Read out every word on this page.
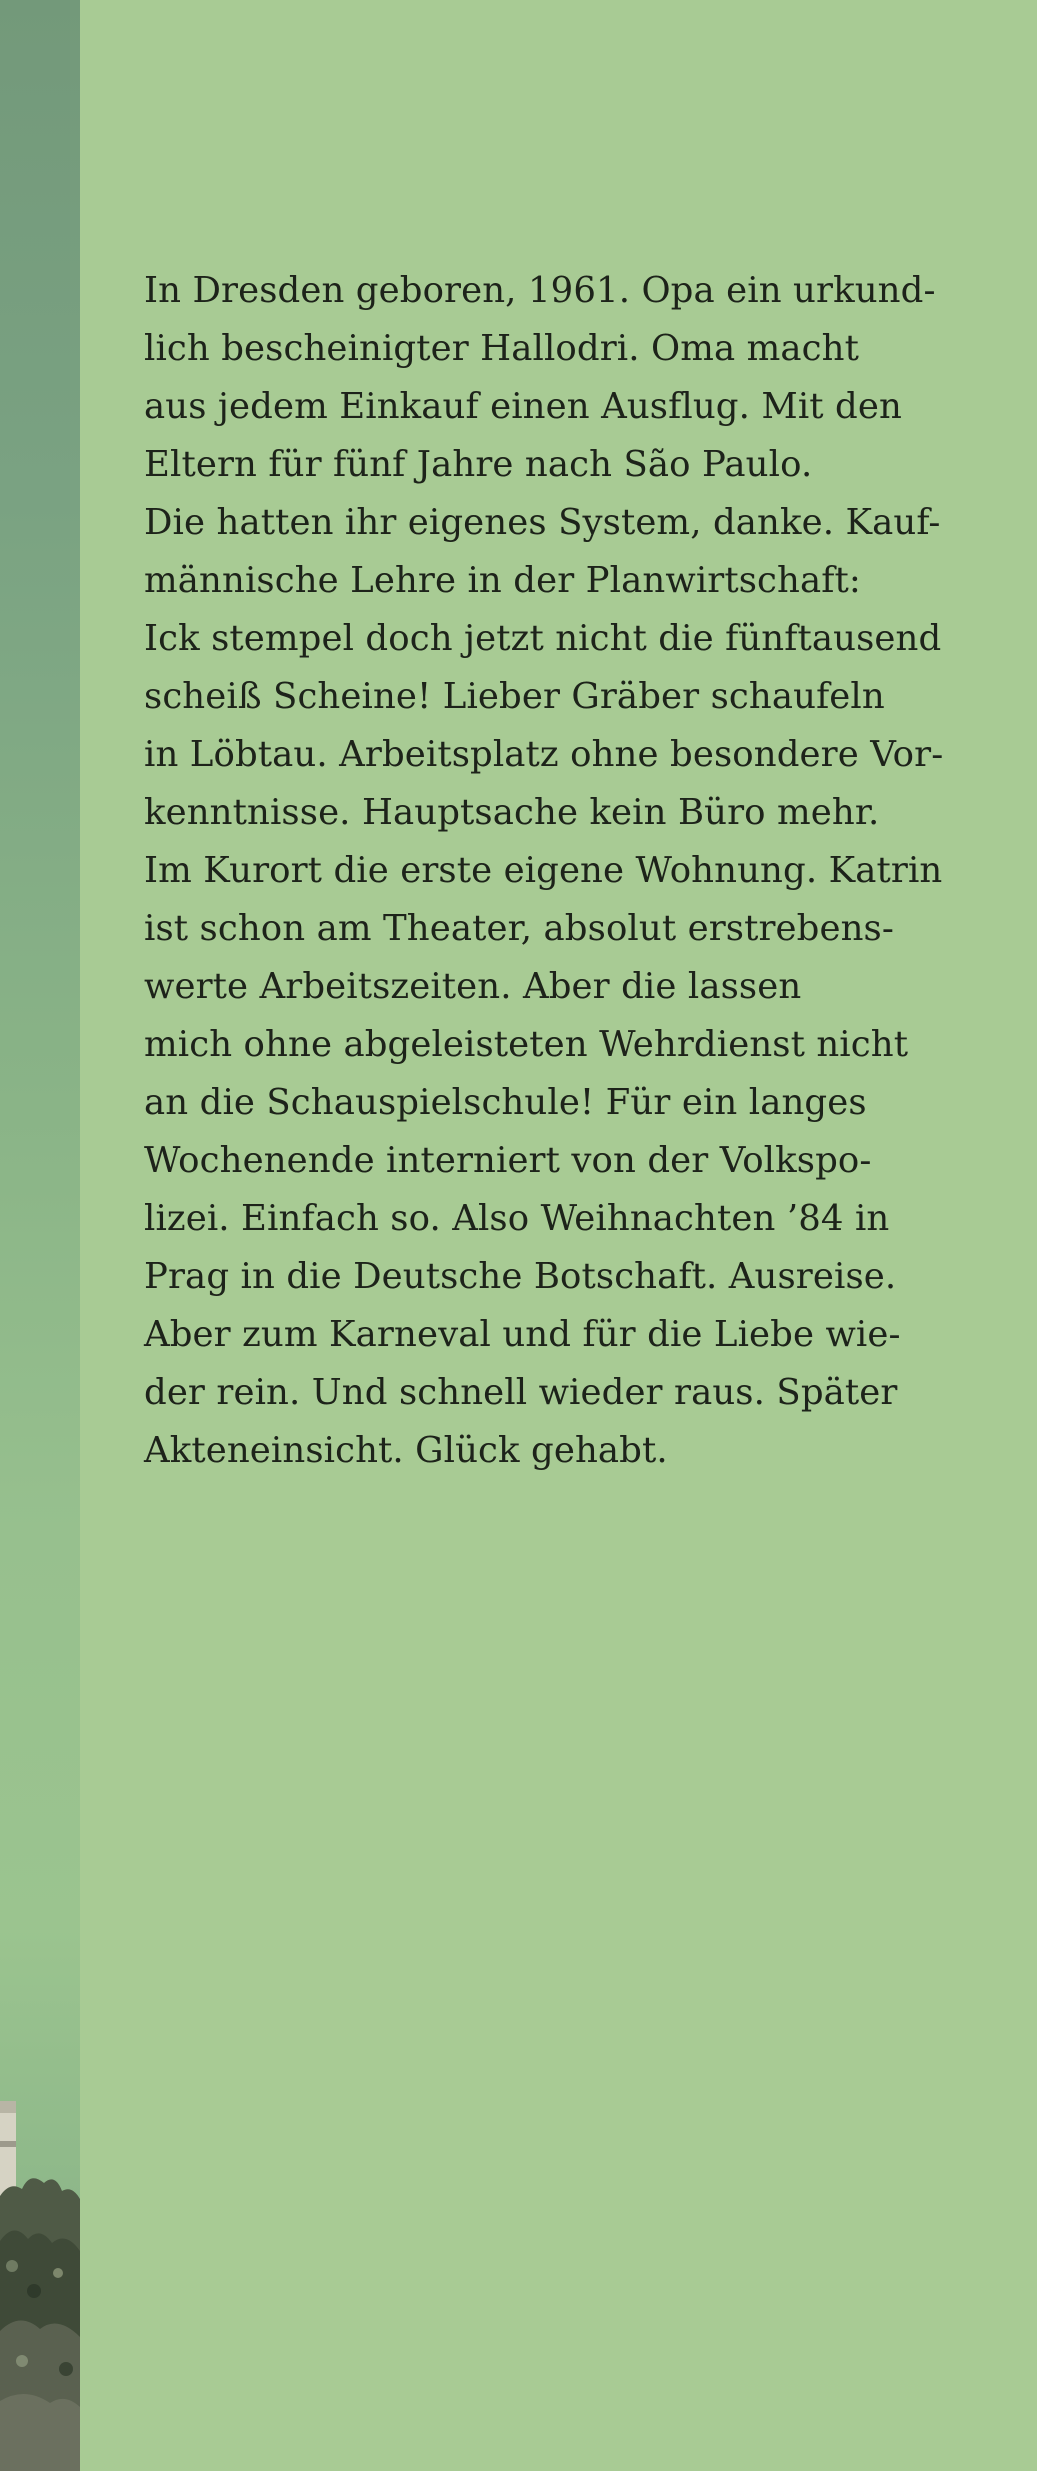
In Dresden geboren, 1961. Opa ein urkund-
lich bescheinigter Hallodri. Oma macht
aus jedem Einkauf einen Ausflug. Mit den
Eltern für fünf Jahre nach São Paulo.
Die hatten ihr eigenes System, danke. Kauf-
männische Lehre in der Planwirtschaft:
Ick stempel doch jetzt nicht die fünftausend
scheiß Scheine! Lieber Gräber schaufeln
in Löbtau. Arbeitsplatz ohne besondere Vor-
kenntnisse. Hauptsache kein Büro mehr.
Im Kurort die erste eigene Wohnung. Katrin
ist schon am Theater, absolut erstrebens-
werte Arbeitszeiten. Aber die lassen
mich ohne abgeleisteten Wehrdienst nicht
an die Schauspielschule! Für ein langes
Wochenende interniert von der Volkspo-
lizei. Einfach so. Also Weihnachten ’84 in
Prag in die Deutsche Botschaft. Ausreise.
Aber zum Karneval und für die Liebe wie-
der rein. Und schnell wieder raus. Später
Akteneinsicht. Glück gehabt.
